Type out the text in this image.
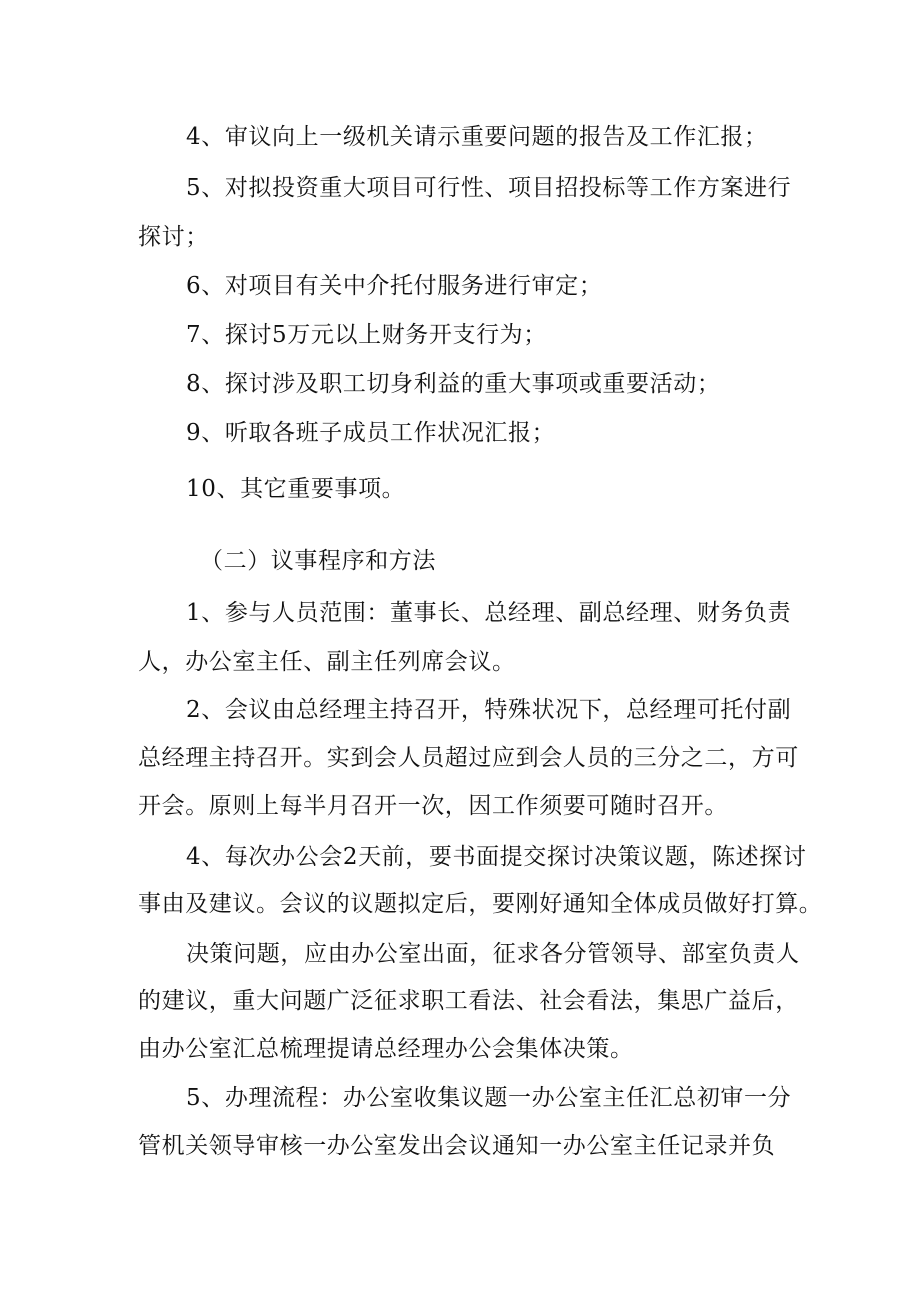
4、审议向上一级机关请示重要问题的报告及工作汇报；
5、对拟投资重大项目可行性、项目招投标等工作方案进行
探讨；
6、对项目有关中介托付服务进行审定；
7、探讨5万元以上财务开支行为；
8、探讨涉及职工切身利益的重大事项或重要活动；
9、听取各班子成员工作状况汇报；
10、其它重要事项。
（二）议事程序和方法
1、参与人员范围：董事长、总经理、副总经理、财务负责
人，办公室主任、副主任列席会议。
2、会议由总经理主持召开，特殊状况下，总经理可托付副
总经理主持召开。实到会人员超过应到会人员的三分之二，方可
开会。原则上每半月召开一次，因工作须要可随时召开。
4、每次办公会2天前，要书面提交探讨决策议题，陈述探讨
事由及建议。会议的议题拟定后，要刚好通知全体成员做好打算。
决策问题，应由办公室出面，征求各分管领导、部室负责人
的建议，重大问题广泛征求职工看法、社会看法，集思广益后，
由办公室汇总梳理提请总经理办公会集体决策。
5、办理流程：办公室收集议题一办公室主任汇总初审一分
管机关领导审核一办公室发出会议通知一办公室主任记录并负
